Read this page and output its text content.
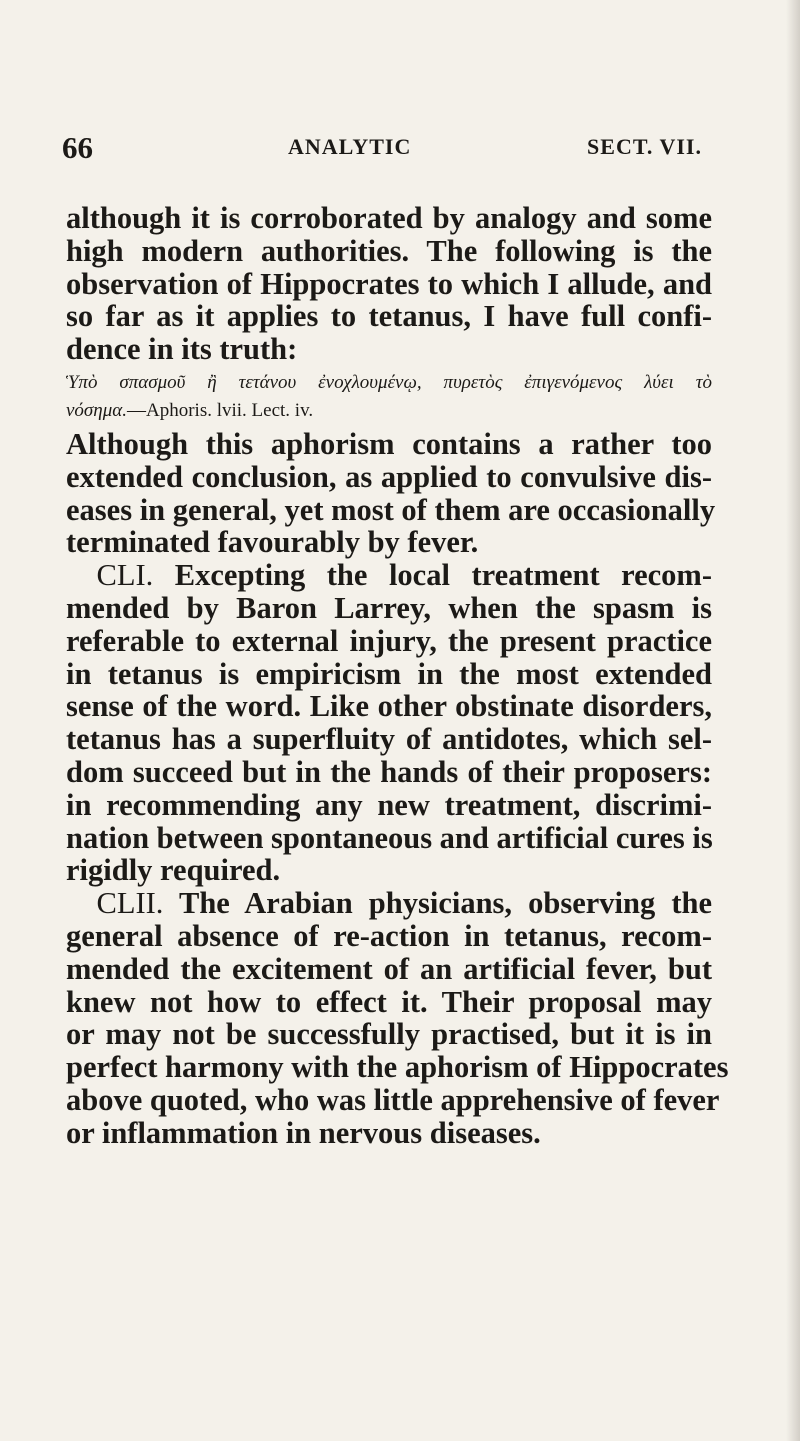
66	ANALYTIC	SECT. VII.
although it is corroborated by analogy and some
high modern authorities. The following is the
observation of Hippocrates to which I allude, and
so far as it applies to tetanus, I have full confi-
dence in its truth:
Ὑπὸ σπασμοῦ ἢ τετάνου ἐνοχλουμένῳ, πυρετὸς ἐπιγενόμενος λύει τὸ
νόσημα.—Aphoris. lvii. Lect. iv.
Although this aphorism contains a rather too
extended conclusion, as applied to convulsive dis-
eases in general, yet most of them are occasionally
terminated favourably by fever.
 CLI. Excepting the local treatment recom-
mended by Baron Larrey, when the spasm is
referable to external injury, the present practice
in tetanus is empiricism in the most extended
sense of the word. Like other obstinate disorders,
tetanus has a superfluity of antidotes, which sel-
dom succeed but in the hands of their proposers:
in recommending any new treatment, discrimi-
nation between spontaneous and artificial cures is
rigidly required.
 CLII. The Arabian physicians, observing the
general absence of re-action in tetanus, recom-
mended the excitement of an artificial fever, but
knew not how to effect it. Their proposal may
or may not be successfully practised, but it is in
perfect harmony with the aphorism of Hippocrates
above quoted, who was little apprehensive of fever
or inflammation in nervous diseases.
